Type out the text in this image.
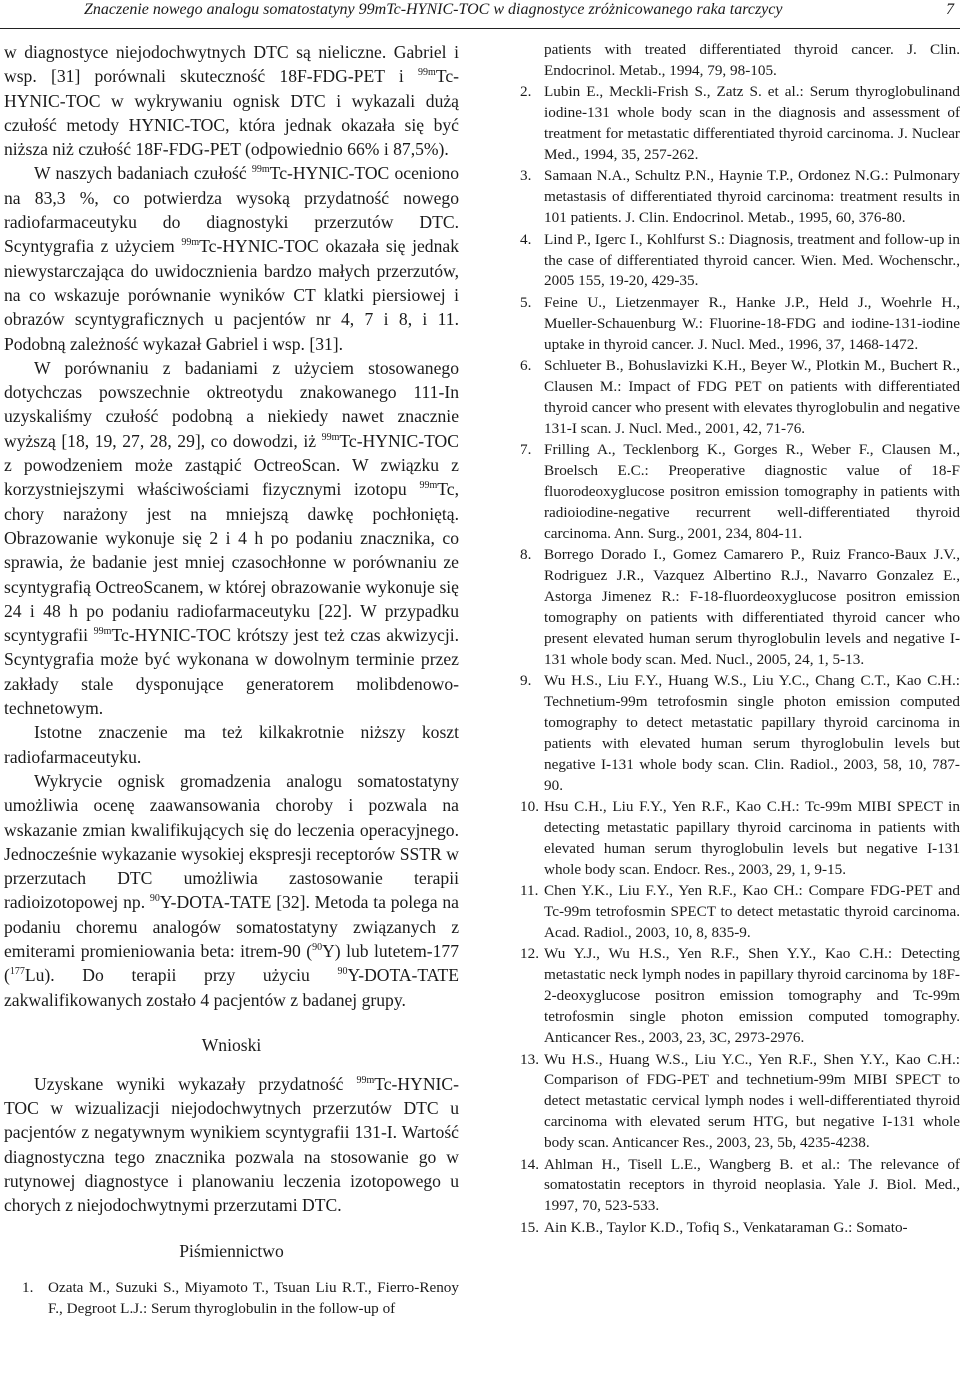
Znaczenie nowego analogu somatostatyny 99mTc-HYNIC-TOC w diagnostyce zróżnicowanego raka tarczycy	7

w diagnostyce niejodochwytnych DTC są nieliczne. Gabriel i wsp. [31] porównali skuteczność 18F-FDG-PET i $^{99m}$Tc-HYNIC-TOC w wykrywaniu ognisk DTC i wykazali dużą czułość metody HYNIC-TOC, która jednak okazała się być niższa niż czułość 18F-FDG-PET (odpowiednio 66% i 87,5%).

W naszych badaniach czułość $^{99m}$Tc-HYNIC-TOC oceniono na 83,3 %, co potwierdza wysoką przydatność nowego radiofarmaceutyku do diagnostyki przerzutów DTC. Scyntygrafia z użyciem $^{99m}$Tc-HYNIC-TOC okazała się jednak niewystarczająca do uwidocznienia bardzo małych przerzutów, na co wskazuje porównanie wyników CT klatki piersiowej i obrazów scyntygraficznych u pacjentów nr 4, 7 i 8, i 11. Podobną zależność wykazał Gabriel i wsp. [31].

W porównaniu z badaniami z użyciem stosowanego dotychczas powszechnie oktreotydu znakowanego 111-In uzyskaliśmy czułość podobną a niekiedy nawet znacznie wyższą [18, 19, 27, 28, 29], co dowodzi, iż $^{99m}$Tc-HYNIC-TOC z powodzeniem może zastąpić OctreoScan. W związku z korzystniejszymi właściwościami fizycznymi izotopu $^{99m}$Tc, chory narażony jest na mniejszą dawkę pochłoniętą. Obrazowanie wykonuje się 2 i 4 h po podaniu znacznika, co sprawia, że badanie jest mniej czasochłonne w porównaniu ze scyntygrafią OctreoScanem, w której obrazowanie wykonuje się 24 i 48 h po podaniu radiofarmaceutyku [22]. W przypadku scyntygrafii $^{99m}$Tc-HYNIC-TOC krótszy jest też czas akwizycji. Scyntygrafia może być wykonana w dowolnym terminie przez zakłady stale dysponujące generatorem molibdenowo-technetowym.

Istotne znaczenie ma też kilkakrotnie niższy koszt radiofarmaceutyku.

Wykrycie ognisk gromadzenia analogu somatostatyny umożliwia ocenę zaawansowania choroby i pozwala na wskazanie zmian kwalifikujących się do leczenia operacyjnego. Jednocześnie wykazanie wysokiej ekspresji receptorów SSTR w przerzutach DTC umożliwia zastosowanie terapii radioizotopowej np. $^{90}$Y-DOTA-TATE [32]. Metoda ta polega na podaniu choremu analogów somatostatyny związanych z emiterami promieniowania beta: itrem-90 ($^{90}$Y) lub lutetem-177 ($^{177}$Lu). Do terapii przy użyciu $^{90}$Y-DOTA-TATE zakwalifikowanych zostało 4 pacjentów z badanej grupy.

Wnioski

Uzyskane wyniki wykazały przydatność $^{99m}$Tc-HYNIC-TOC w wizualizacji niejodochwytnych przerzutów DTC u pacjentów z negatywnym wynikiem scyntygrafii 131-I. Wartość diagnostyczna tego znacznika pozwala na stosowanie go w rutynowej diagnostyce i planowaniu leczenia izotopowego u chorych z niejodochwytnymi przerzutami DTC.

Piśmiennictwo
1. Ozata M., Suzuki S., Miyamoto T., Tsuan Liu R.T., Fierro-Renoy F., Degroot L.J.: Serum thyroglobulin in the follow-up of
patients with treated differentiated thyroid cancer. J. Clin. Endocrinol. Metab., 1994, 79, 98-105.
2. Lubin E., Meckli-Frish S., Zatz S. et al.: Serum thyroglobulinand iodine-131 whole body scan in the diagnosis and assessment of treatment for metastatic differentiated thyroid carcinoma. J. Nuclear Med., 1994, 35, 257-262.
3. Samaan N.A., Schultz P.N., Haynie T.P., Ordonez N.G.: Pulmonary metastasis of differentiated thyroid carcinoma: treatment results in 101 patients. J. Clin. Endocrinol. Metab., 1995, 60, 376-80.
4. Lind P., Igerc I., Kohlfurst S.: Diagnosis, treatment and follow-up in the case of differentiated thyroid cancer. Wien. Med. Wochenschr., 2005 155, 19-20, 429-35.
5. Feine U., Lietzenmayer R., Hanke J.P., Held J., Woehrle H., Mueller-Schauenburg W.: Fluorine-18-FDG and iodine-131-iodine uptake in thyroid cancer. J. Nucl. Med., 1996, 37, 1468-1472.
6. Schlueter B., Bohuslavizki K.H., Beyer W., Plotkin M., Buchert R., Clausen M.: Impact of FDG PET on patients with differentiated thyroid cancer who present with elevates thyroglobulin and negative 131-I scan. J. Nucl. Med., 2001, 42, 71-76.
7. Frilling A., Tecklenborg K., Gorges R., Weber F., Clausen M., Broelsch E.C.: Preoperative diagnostic value of 18-F fluorodeoxyglucose positron emission tomography in patients with radioiodine-negative recurrent well-differentiated thyroid carcinoma. Ann. Surg., 2001, 234, 804-11.
8. Borrego Dorado I., Gomez Camarero P., Ruiz Franco-Baux J.V., Rodriguez J.R., Vazquez Albertino R.J., Navarro Gonzalez E., Astorga Jimenez R.: F-18-fluordeoxyglucose positron emission tomography on patients with differentiated thyroid cancer who present elevated human serum thyroglobulin levels and negative I-131 whole body scan. Med. Nucl., 2005, 24, 1, 5-13.
9. Wu H.S., Liu F.Y., Huang W.S., Liu Y.C., Chang C.T., Kao C.H.: Technetium-99m tetrofosmin single photon emission computed tomography to detect metastatic papillary thyroid carcinoma in patients with elevated human serum thyroglobulin levels but negative I-131 whole body scan. Clin. Radiol., 2003, 58, 10, 787-90.
10. Hsu C.H., Liu F.Y., Yen R.F., Kao C.H.: Tc-99m MIBI SPECT in detecting metastatic papillary thyroid carcinoma in patients with elevated human serum thyroglobulin levels but negative I-131 whole body scan. Endocr. Res., 2003, 29, 1, 9-15.
11. Chen Y.K., Liu F.Y., Yen R.F., Kao CH.: Compare FDG-PET and Tc-99m tetrofosmin SPECT to detect metastatic thyroid carcinoma. Acad. Radiol., 2003, 10, 8, 835-9.
12. Wu Y.J., Wu H.S., Yen R.F., Shen Y.Y., Kao C.H.: Detecting metastatic neck lymph nodes in papillary thyroid carcinoma by 18F-2-deoxyglucose positron emission tomography and Tc-99m tetrofosmin single photon emission computed tomography. Anticancer Res., 2003, 23, 3C, 2973-2976.
13. Wu H.S., Huang W.S., Liu Y.C., Yen R.F., Shen Y.Y., Kao C.H.: Comparison of FDG-PET and technetium-99m MIBI SPECT to detect metastatic cervical lymph nodes i well-differentiated thyroid carcinoma with elevated serum HTG, but negative I-131 whole body scan. Anticancer Res., 2003, 23, 5b, 4235-4238.
14. Ahlman H., Tisell L.E., Wangberg B. et al.: The relevance of somatostatin receptors in thyroid neoplasia. Yale J. Biol. Med., 1997, 70, 523-533.
15. Ain K.B., Taylor K.D., Tofiq S., Venkataraman G.: Somato-
